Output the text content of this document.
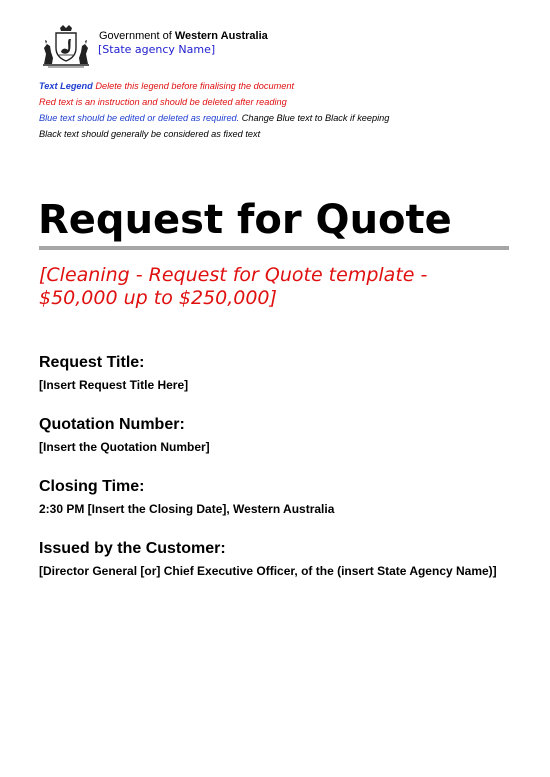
Government of Western Australia
[State agency Name]
Text Legend Delete this legend before finalising the document
Red text is an instruction and should be deleted after reading
Blue text should be edited or deleted as required. Change Blue text to Black if keeping
Black text should generally be considered as fixed text
Request for Quote
[Cleaning - Request for Quote template - $50,000 up to $250,000]
Request Title:
[Insert Request Title Here]
Quotation Number:
[Insert the Quotation Number]
Closing Time:
2:30 PM [Insert the Closing Date], Western Australia
Issued by the Customer:
[Director General [or] Chief Executive Officer, of the (insert State Agency Name)]
